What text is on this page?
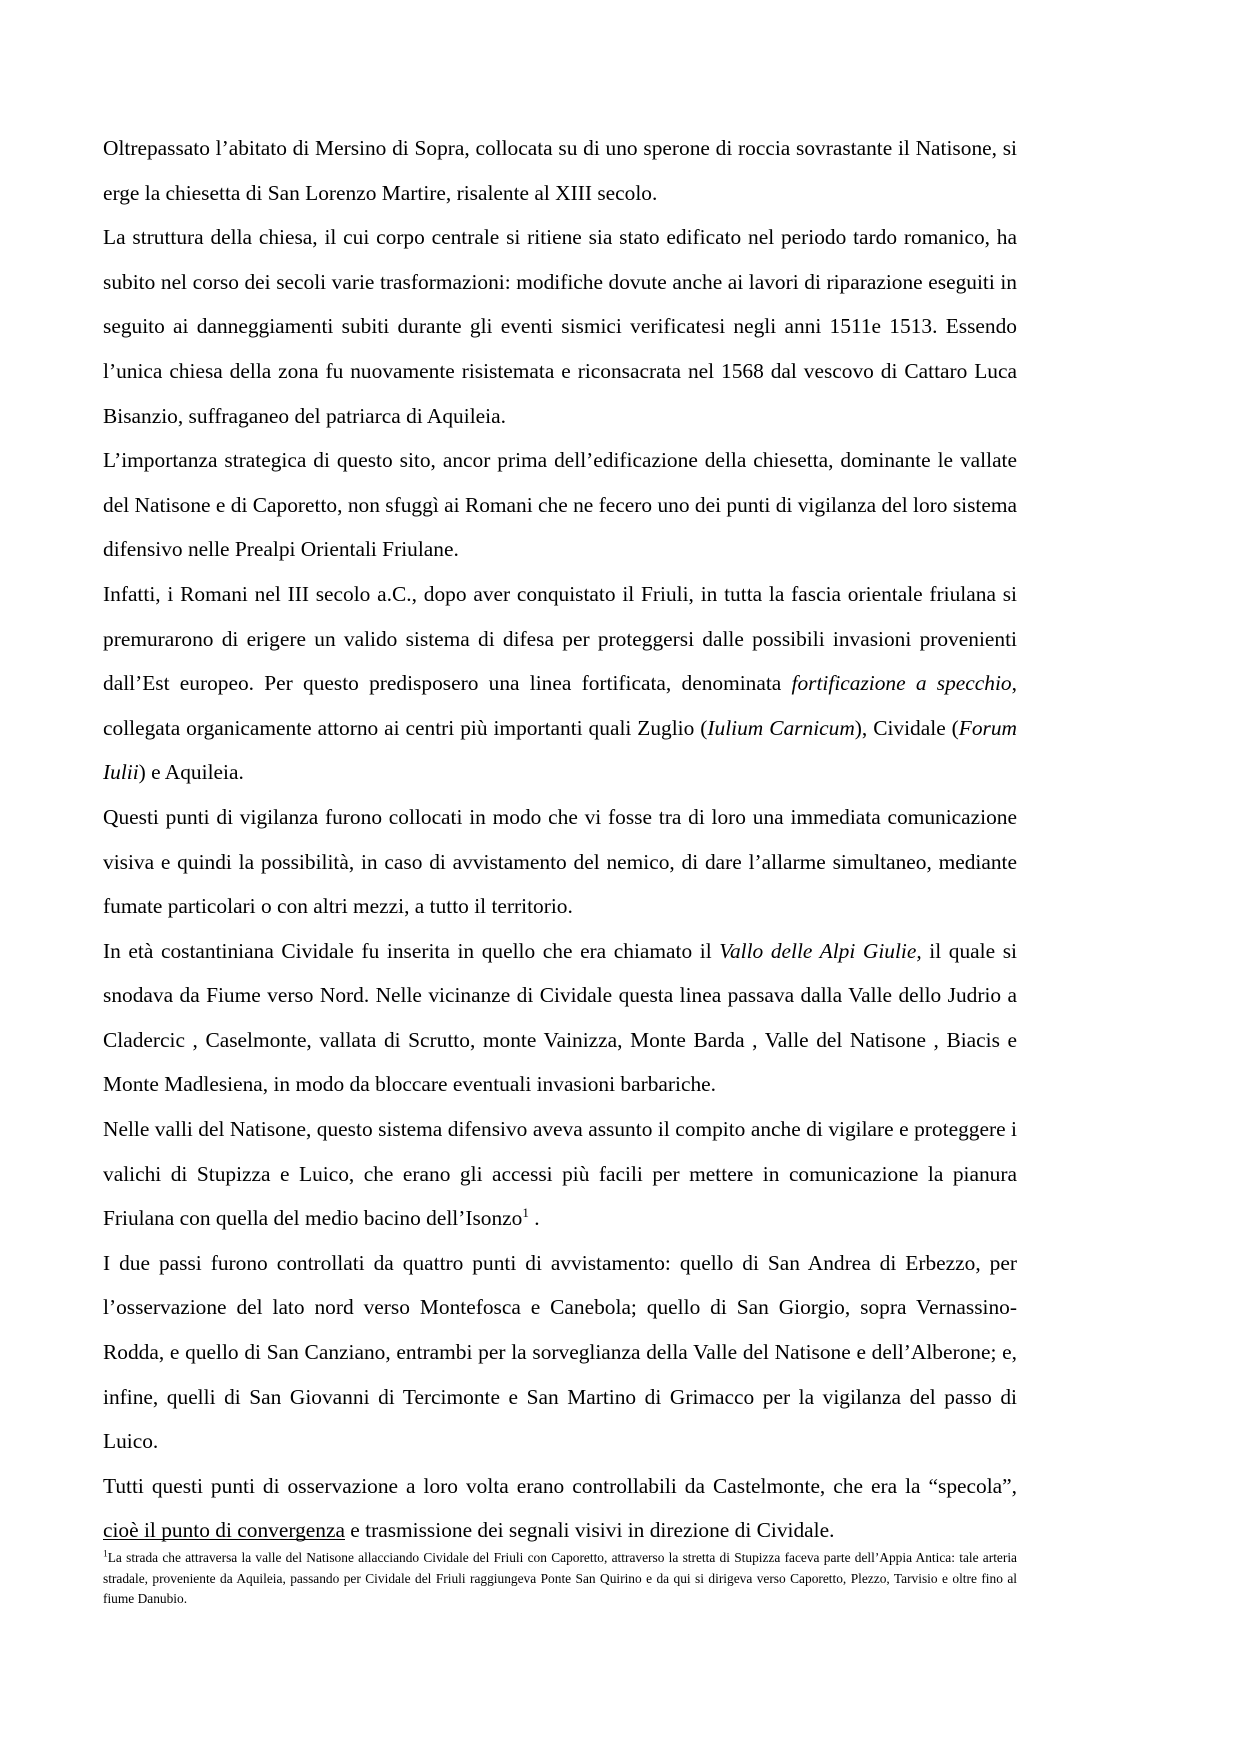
Oltrepassato l’abitato di Mersino di Sopra, collocata su di uno sperone di roccia sovrastante il Natisone, si erge la chiesetta di San Lorenzo Martire, risalente al XIII secolo.

La struttura della chiesa, il cui corpo centrale si ritiene sia stato edificato nel periodo tardo romanico, ha subito nel corso dei secoli varie trasformazioni: modifiche dovute anche ai lavori di riparazione eseguiti in seguito ai danneggiamenti subiti durante gli eventi sismici verificatesi negli anni 1511e 1513. Essendo l’unica chiesa della zona fu nuovamente risistemata e riconsacrata nel 1568 dal vescovo di Cattaro Luca Bisanzio, suffraganeo del patriarca di Aquileia.

L’importanza strategica di questo sito, ancor prima dell’edificazione della chiesetta, dominante le vallate del Natisone e di Caporetto, non sfuggì ai Romani che ne fecero uno dei punti di vigilanza del loro sistema difensivo nelle Prealpi Orientali Friulane.

Infatti, i Romani nel III secolo a.C., dopo aver conquistato il Friuli, in tutta la fascia orientale friulana si premurarono di erigere un valido sistema di difesa per proteggersi dalle possibili invasioni provenienti dall’Est europeo. Per questo predisposero una linea fortificata, denominata fortificazione a specchio, collegata organicamente attorno ai centri più importanti quali Zuglio (Iulium Carnicum), Cividale (Forum Iulii) e Aquileia.

Questi punti di vigilanza furono collocati in modo che vi fosse tra di loro una immediata comunicazione visiva e quindi la possibilità, in caso di avvistamento del nemico, di dare l’allarme simultaneo, mediante fumate particolari o con altri mezzi, a tutto il territorio.

In età costantiniana Cividale fu inserita in quello che era chiamato il Vallo delle Alpi Giulie, il quale si snodava da Fiume verso Nord. Nelle vicinanze di Cividale questa linea passava dalla Valle dello Judrio a Cladercic , Caselmonte, vallata di Scrutto, monte Vainizza, Monte Barda , Valle del Natisone , Biacis e Monte Madlesiena, in modo da bloccare eventuali invasioni barbariche.

Nelle valli del Natisone, questo sistema difensivo aveva assunto il compito anche di vigilare e proteggere i valichi di Stupizza e Luico, che erano gli accessi più facili per mettere in comunicazione la pianura Friulana con quella del medio bacino dell’Isonzo$^1$ .

I due passi furono controllati da quattro punti di avvistamento: quello di San Andrea di Erbezzo, per l’osservazione del lato nord verso Montefosca e Canebola; quello di San Giorgio, sopra Vernassino-Rodda, e quello di San Canziano, entrambi per la sorveglianza della Valle del Natisone e dell’Alberone; e, infine, quelli di San Giovanni di Tercimonte e San Martino di Grimacco per la vigilanza del passo di Luico.

Tutti questi punti di osservazione a loro volta erano controllabili da Castelmonte, che era la “specola”, cioè il punto di convergenza e trasmissione dei segnali visivi in direzione di Cividale.

$^1$La strada che attraversa la valle del Natisone allacciando Cividale del Friuli con Caporetto, attraverso la stretta di Stupizza faceva parte dell’Appia Antica: tale arteria stradale, proveniente da Aquileia, passando per Cividale del Friuli raggiungeva Ponte San Quirino e da qui si dirigeva verso Caporetto, Plezzo, Tarvisio e oltre fino al fiume Danubio.
